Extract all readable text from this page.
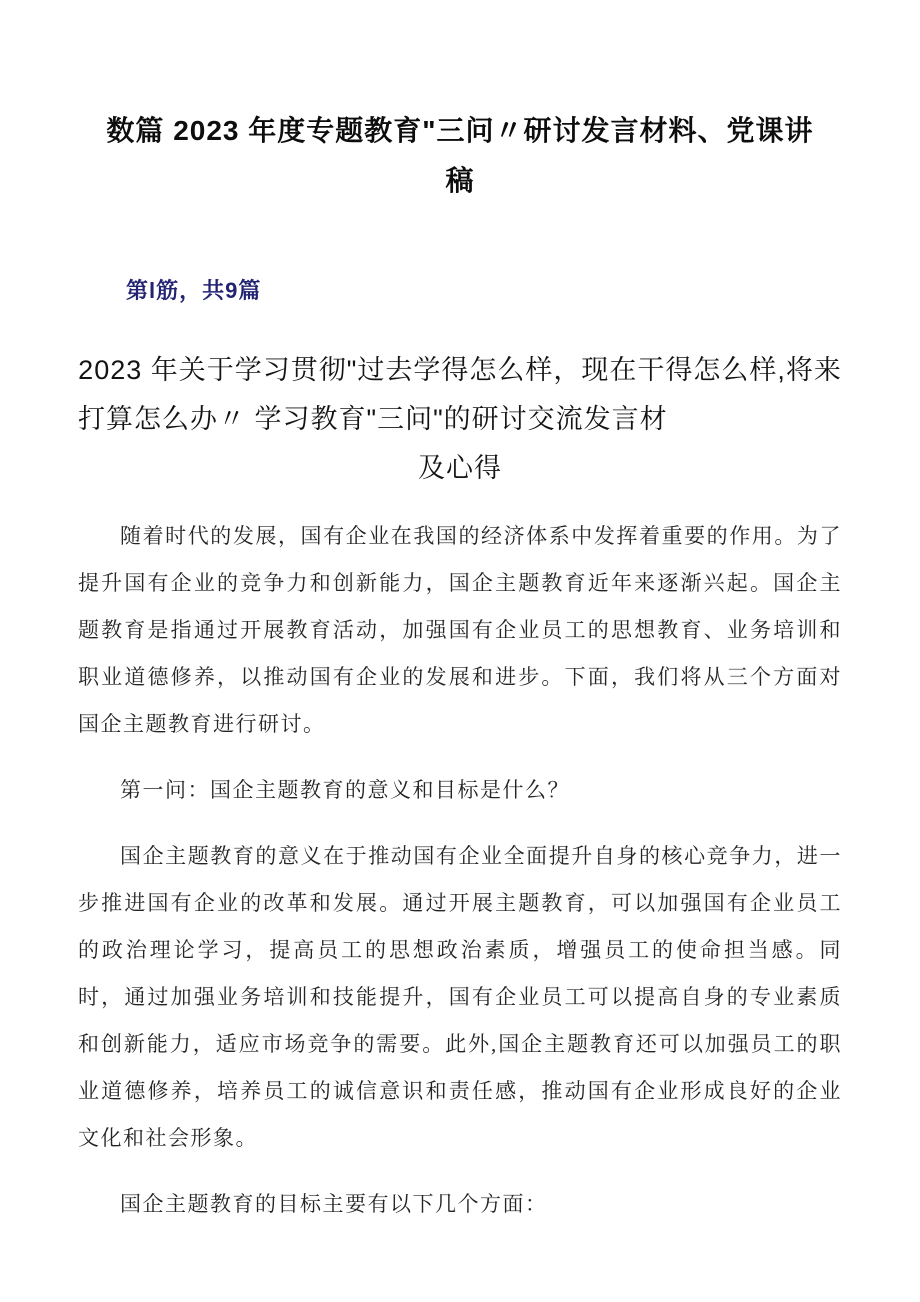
数篇 2023 年度专题教育"三问〃研讨发言材料、党课讲
稿
第l筋，共9篇
2023 年关于学习贯彻"过去学得怎么样，现在干得怎么样,将来
打算怎么办〃 学习教育"三问"的研讨交流发言材
及心得

随着时代的发展，国有企业在我国的经济体系中发挥着重要的作用。为了提升国有企业的竞争力和创新能力，国企主题教育近年来逐渐兴起。国企主题教育是指通过开展教育活动，加强国有企业员工的思想教育、业务培训和职业道德修养，以推动国有企业的发展和进步。下面，我们将从三个方面对国企主题教育进行研讨。

第一问：国企主题教育的意义和目标是什么？

国企主题教育的意义在于推动国有企业全面提升自身的核心竞争力，进一步推进国有企业的改革和发展。通过开展主题教育，可以加强国有企业员工的政治理论学习，提高员工的思想政治素质，增强员工的使命担当感。同时，通过加强业务培训和技能提升，国有企业员工可以提高自身的专业素质和创新能力，适应市场竞争的需要。此外,国企主题教育还可以加强员工的职业道德修养，培养员工的诚信意识和责任感，推动国有企业形成良好的企业文化和社会形象。

国企主题教育的目标主要有以下几个方面：
